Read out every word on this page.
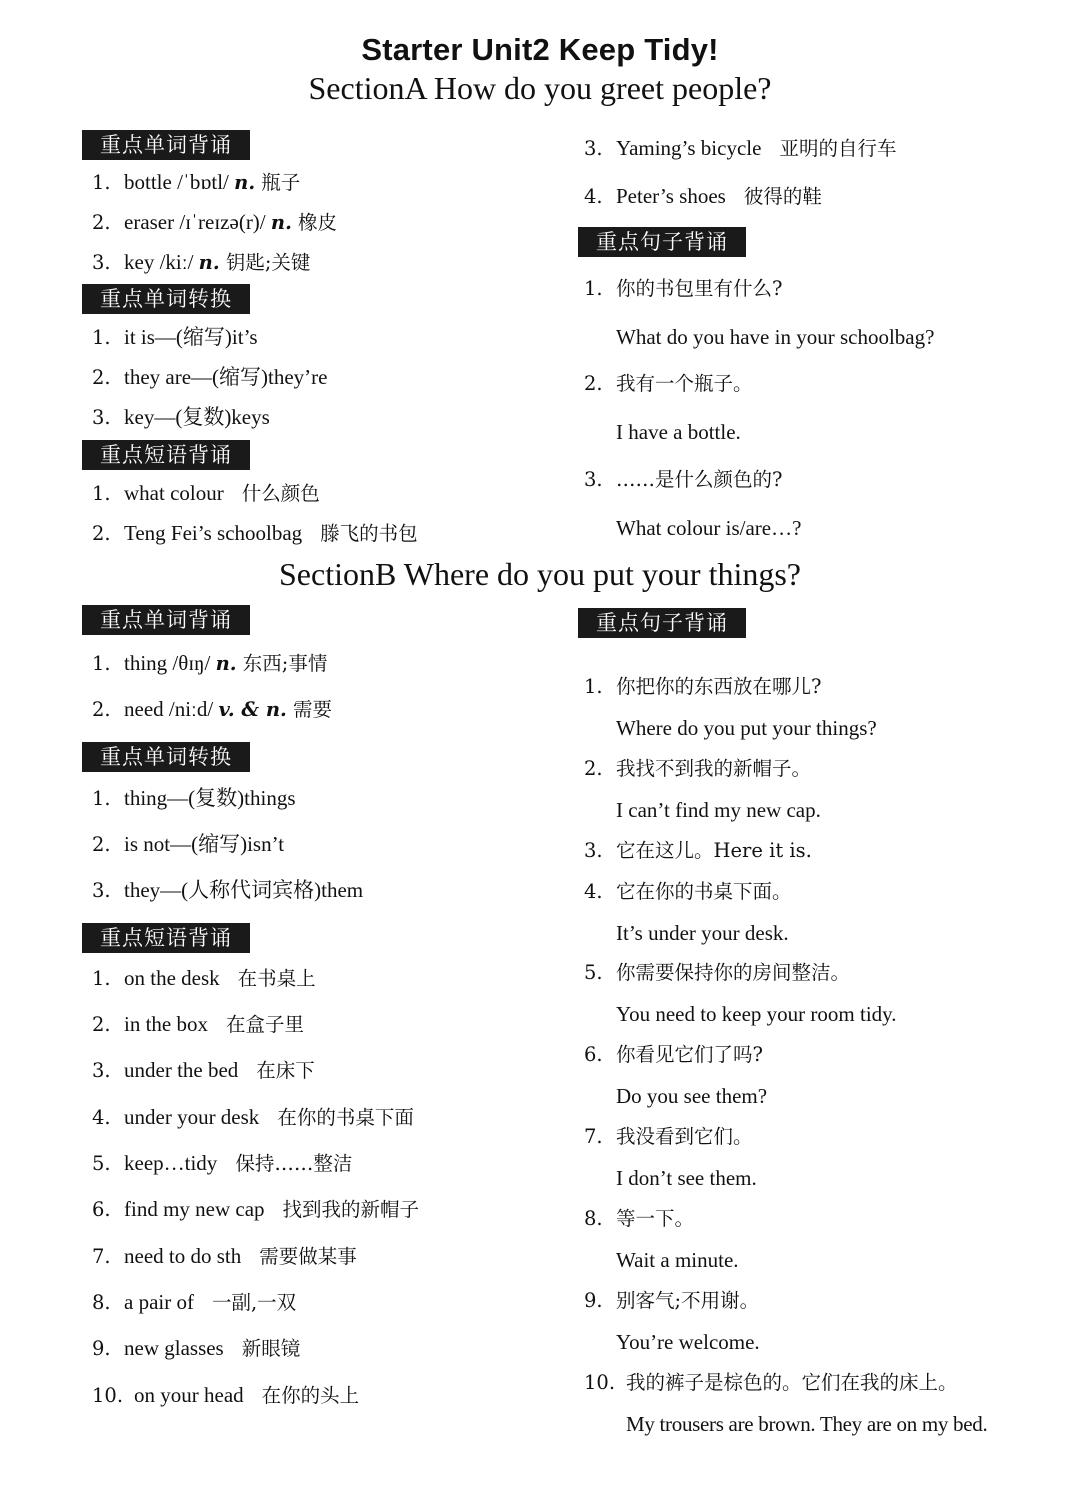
Starter Unit2 Keep Tidy!
SectionA How do you greet people?
重点单词背诵
1. bottle /ˈbɒtl/ n. 瓶子
2. eraser /ɪˈreɪzə(r)/ n. 橡皮
3. key /kiː/ n. 钥匙;关键
重点单词转换
1. it is—(缩写)it’s
2. they are—(缩写)they’re
3. key—(复数)keys
重点短语背诵
1. what colour 什么颜色
2. Teng Fei’s schoolbag 滕飞的书包
3. Yaming’s bicycle 亚明的自行车
4. Peter’s shoes 彼得的鞋
重点句子背诵
1. 你的书包里有什么?
What do you have in your schoolbag?
2. 我有一个瓶子。
I have a bottle.
3. ……是什么颜色的?
What colour is/are…?
SectionB Where do you put your things?
重点单词背诵
1. thing /θɪŋ/ n. 东西;事情
2. need /niːd/ v. & n. 需要
重点单词转换
1. thing—(复数)things
2. is not—(缩写)isn’t
3. they—(人称代词宾格)them
重点短语背诵
1. on the desk 在书桌上
2. in the box 在盒子里
3. under the bed 在床下
4. under your desk 在你的书桌下面
5. keep…tidy 保持……整洁
6. find my new cap 找到我的新帽子
7. need to do sth 需要做某事
8. a pair of 一副,一双
9. new glasses 新眼镜
10. on your head 在你的头上
重点句子背诵
1. 你把你的东西放在哪儿?
Where do you put your things?
2. 我找不到我的新帽子。
I can’t find my new cap.
3. 它在这儿。Here it is.
4. 它在你的书桌下面。
It’s under your desk.
5. 你需要保持你的房间整洁。
You need to keep your room tidy.
6. 你看见它们了吗?
Do you see them?
7. 我没看到它们。
I don’t see them.
8. 等一下。
Wait a minute.
9. 别客气;不用谢。
You’re welcome.
10. 我的裤子是棕色的。它们在我的床上。
My trousers are brown. They are on my bed.
